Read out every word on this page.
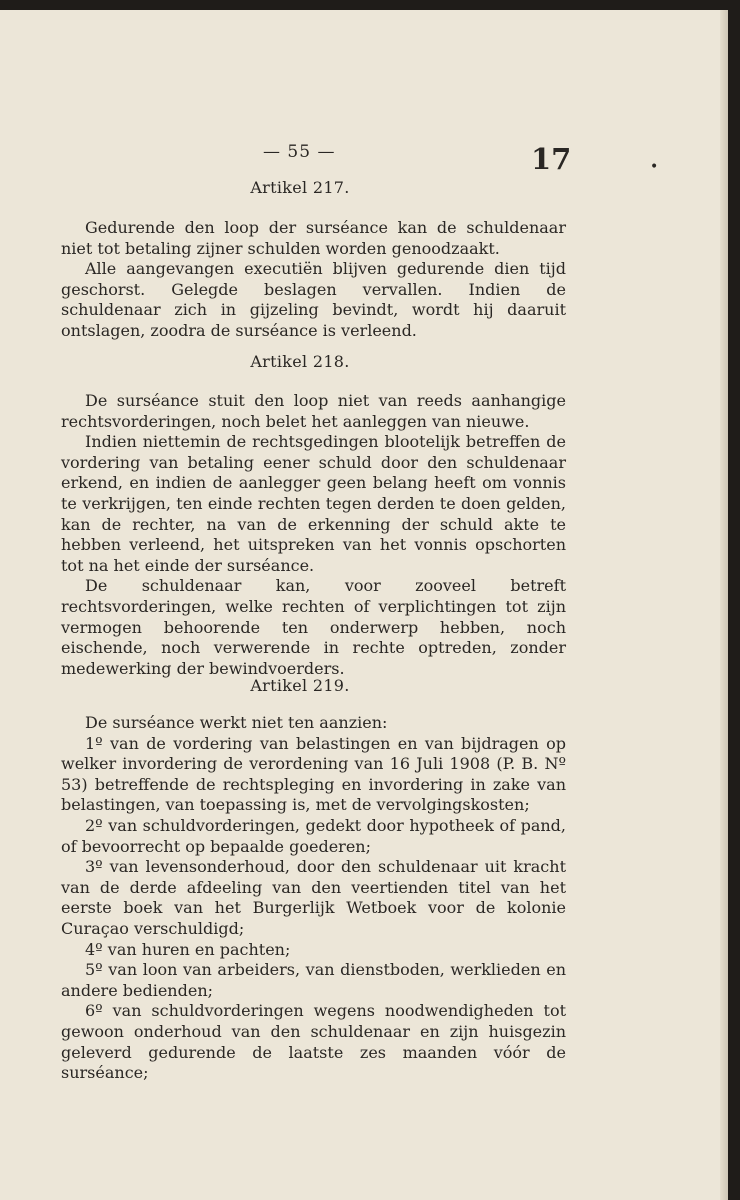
— 55 —	17	•
Artikel 217.

Gedurende den loop der surséance kan de schuldenaar niet tot betaling zijner schulden worden genoodzaakt.

Alle aangevangen executiën blijven gedurende dien tijd geschorst. Gelegde beslagen vervallen. Indien de schuldenaar zich in gijzeling bevindt, wordt hij daaruit ontslagen, zoodra de surséance is verleend.

Artikel 218.

De surséance stuit den loop niet van reeds aanhangige rechtsvorderingen, noch belet het aanleggen van nieuwe.

Indien niettemin de rechtsgedingen blootelijk betreffen de vordering van betaling eener schuld door den schuldenaar erkend, en indien de aanlegger geen belang heeft om vonnis te verkrijgen, ten einde rechten tegen derden te doen gelden, kan de rechter, na van de erkenning der schuld akte te hebben verleend, het uitspreken van het vonnis opschorten tot na het einde der surséance.

De schuldenaar kan, voor zooveel betreft rechtsvorderingen, welke rechten of verplichtingen tot zijn vermogen behoorende ten onderwerp hebben, noch eischende, noch verwerende in rechte optreden, zonder medewerking der bewindvoerders.

Artikel 219.

De surséance werkt niet ten aanzien:

1º van de vordering van belastingen en van bijdragen op welker invordering de verordening van 16 Juli 1908 (P. B. Nº 53) betreffende de rechtspleging en invordering in zake van belastingen, van toepassing is, met de vervolgingskosten;

2º van schuldvorderingen, gedekt door hypotheek of pand, of bevoorrecht op bepaalde goederen;

3º van levensonderhoud, door den schuldenaar uit kracht van de derde afdeeling van den veertienden titel van het eerste boek van het Burgerlijk Wetboek voor de kolonie Curaçao verschuldigd;

4º van huren en pachten;

5º van loon van arbeiders, van dienstboden, werklieden en andere bedienden;

6º van schuldvorderingen wegens noodwendigheden tot gewoon onderhoud van den schuldenaar en zijn huisgezin geleverd gedurende de laatste zes maanden vóór de surséance;
